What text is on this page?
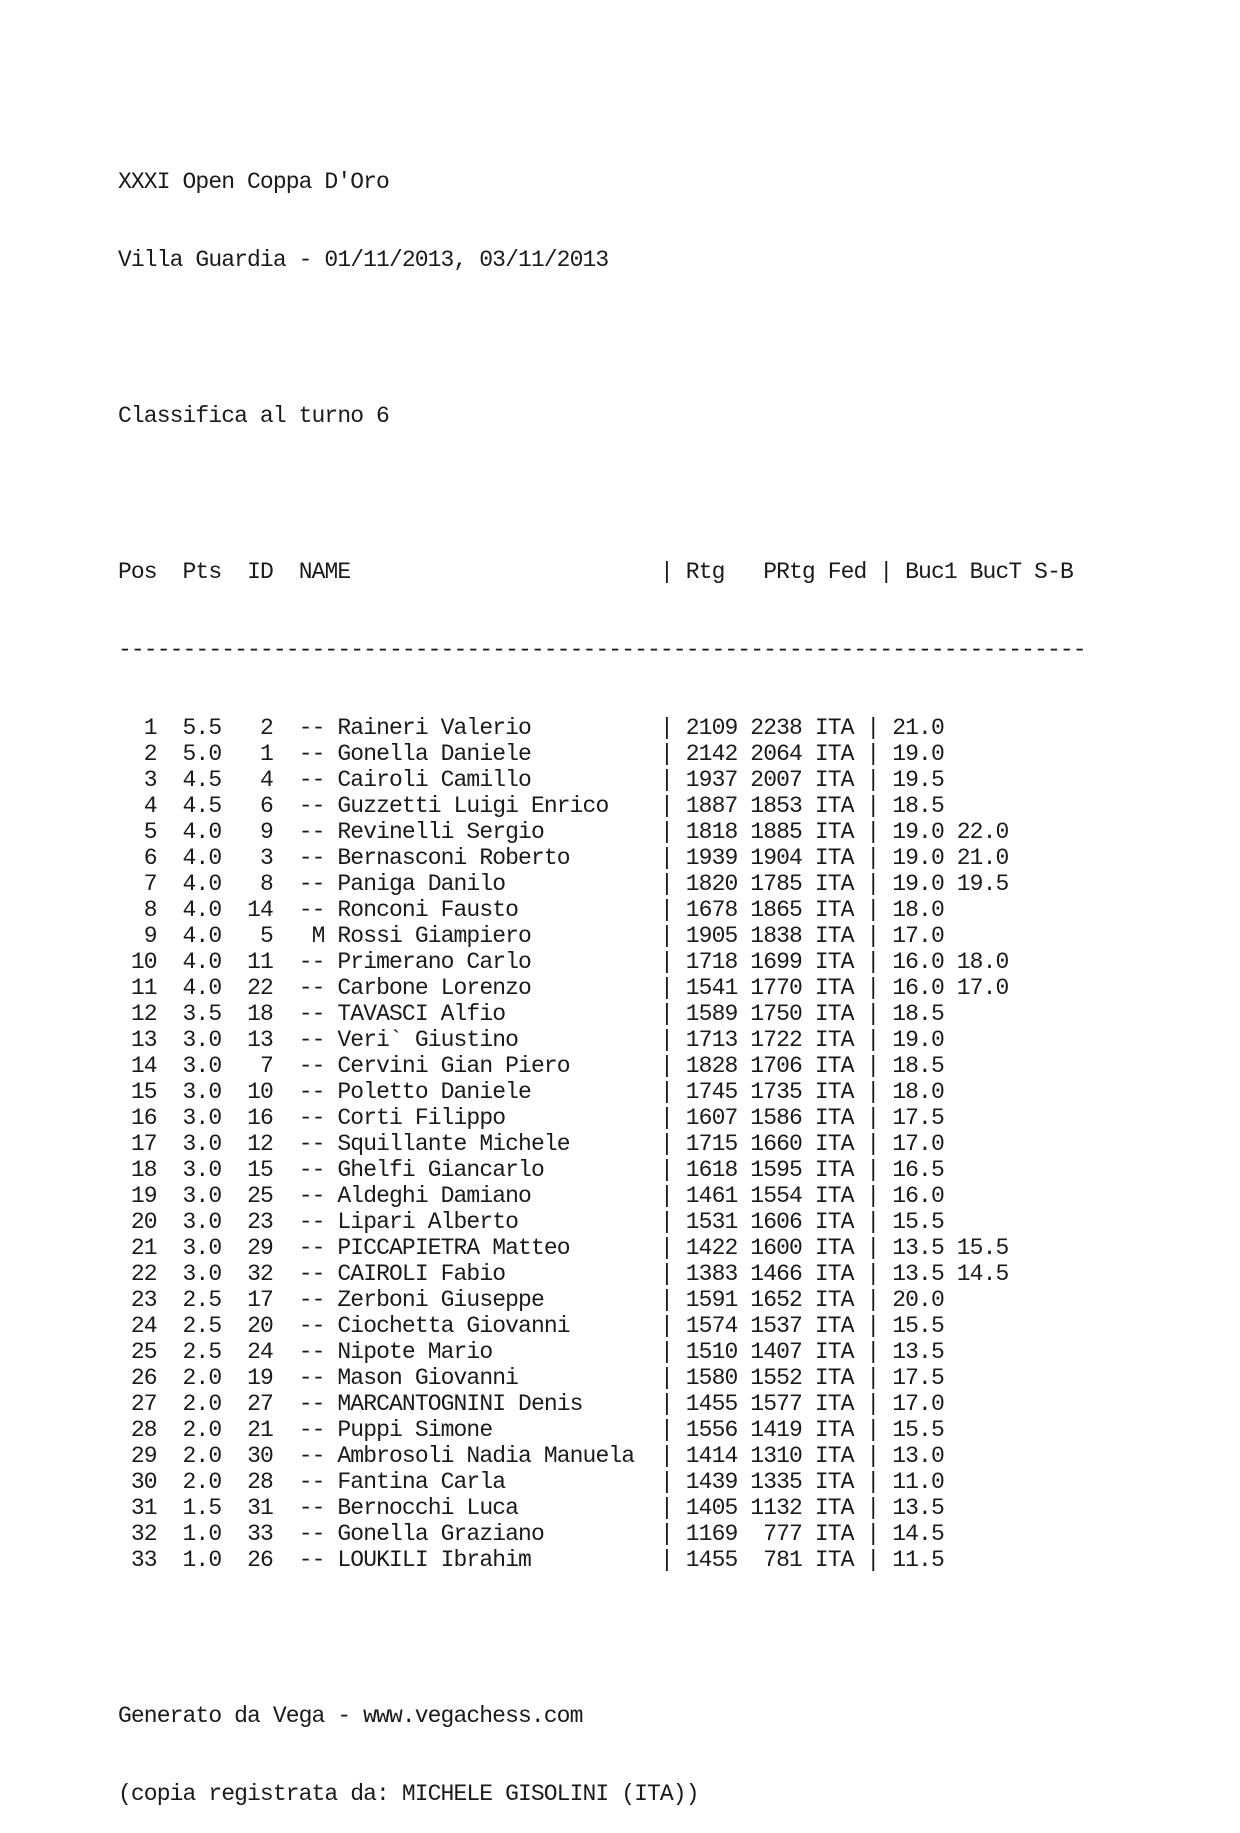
XXXI Open Coppa D'Oro

Villa Guardia - 01/11/2013, 03/11/2013

Classifica al turno 6

Pos Pts ID NAME                        | Rtg   PRtg Fed | Buc1 BucT S-B

---------------------------------------------------------------------------

1 5.5   2 -- Raineri Valerio          | 2109 2238 ITA | 21.0
2 5.0   1 -- Gonella Daniele          | 2142 2064 ITA | 19.0
3 4.5   4 -- Cairoli Camillo          | 1937 2007 ITA | 19.5
4 4.5   6 -- Guzzetti Luigi Enrico    | 1887 1853 ITA | 18.5
5 4.0   9 -- Revinelli Sergio         | 1818 1885 ITA | 19.0 22.0
6 4.0   3 -- Bernasconi Roberto       | 1939 1904 ITA | 19.0 21.0
7 4.0   8 -- Paniga Danilo            | 1820 1785 ITA | 19.0 19.5
8 4.0 14 -- Ronconi Fausto           | 1678 1865 ITA | 18.0
9 4.0   5   M Rossi Giampiero          | 1905 1838 ITA | 17.0
10 4.0 11 -- Primerano Carlo          | 1718 1699 ITA | 16.0 18.0
11 4.0 22 -- Carbone Lorenzo          | 1541 1770 ITA | 16.0 17.0
12 3.5 18 -- TAVASCI Alfio            | 1589 1750 ITA | 18.5
13 3.0 13 -- Veri` Giustino           | 1713 1722 ITA | 19.0
14 3.0   7 -- Cervini Gian Piero       | 1828 1706 ITA | 18.5
15 3.0 10 -- Poletto Daniele          | 1745 1735 ITA | 18.0
16 3.0 16 -- Corti Filippo            | 1607 1586 ITA | 17.5
17 3.0 12 -- Squillante Michele       | 1715 1660 ITA | 17.0
18 3.0 15 -- Ghelfi Giancarlo         | 1618 1595 ITA | 16.5
19 3.0 25 -- Aldeghi Damiano          | 1461 1554 ITA | 16.0
20 3.0 23 -- Lipari Alberto           | 1531 1606 ITA | 15.5
21 3.0 29 -- PICCAPIETRA Matteo       | 1422 1600 ITA | 13.5 15.5
22 3.0 32 -- CAIROLI Fabio            | 1383 1466 ITA | 13.5 14.5
23 2.5 17 -- Zerboni Giuseppe         | 1591 1652 ITA | 20.0
24 2.5 20 -- Ciochetta Giovanni       | 1574 1537 ITA | 15.5
25 2.5 24 -- Nipote Mario             | 1510 1407 ITA | 13.5
26 2.0 19 -- Mason Giovanni           | 1580 1552 ITA | 17.5
27 2.0 27 -- MARCANTOGNINI Denis      | 1455 1577 ITA | 17.0
28 2.0 21 -- Puppi Simone             | 1556 1419 ITA | 15.5
29 2.0 30 -- Ambrosoli Nadia Manuela  | 1414 1310 ITA | 13.0
30 2.0 28 -- Fantina Carla            | 1439 1335 ITA | 11.0
31 1.5 31 -- Bernocchi Luca           | 1405 1132 ITA | 13.5
32 1.0 33 -- Gonella Graziano         | 1169  777 ITA | 14.5
33 1.0 26 -- LOUKILI Ibrahim          | 1455  781 ITA | 11.5

Generato da Vega - www.vegachess.com

(copia registrata da: MICHELE GISOLINI (ITA))
